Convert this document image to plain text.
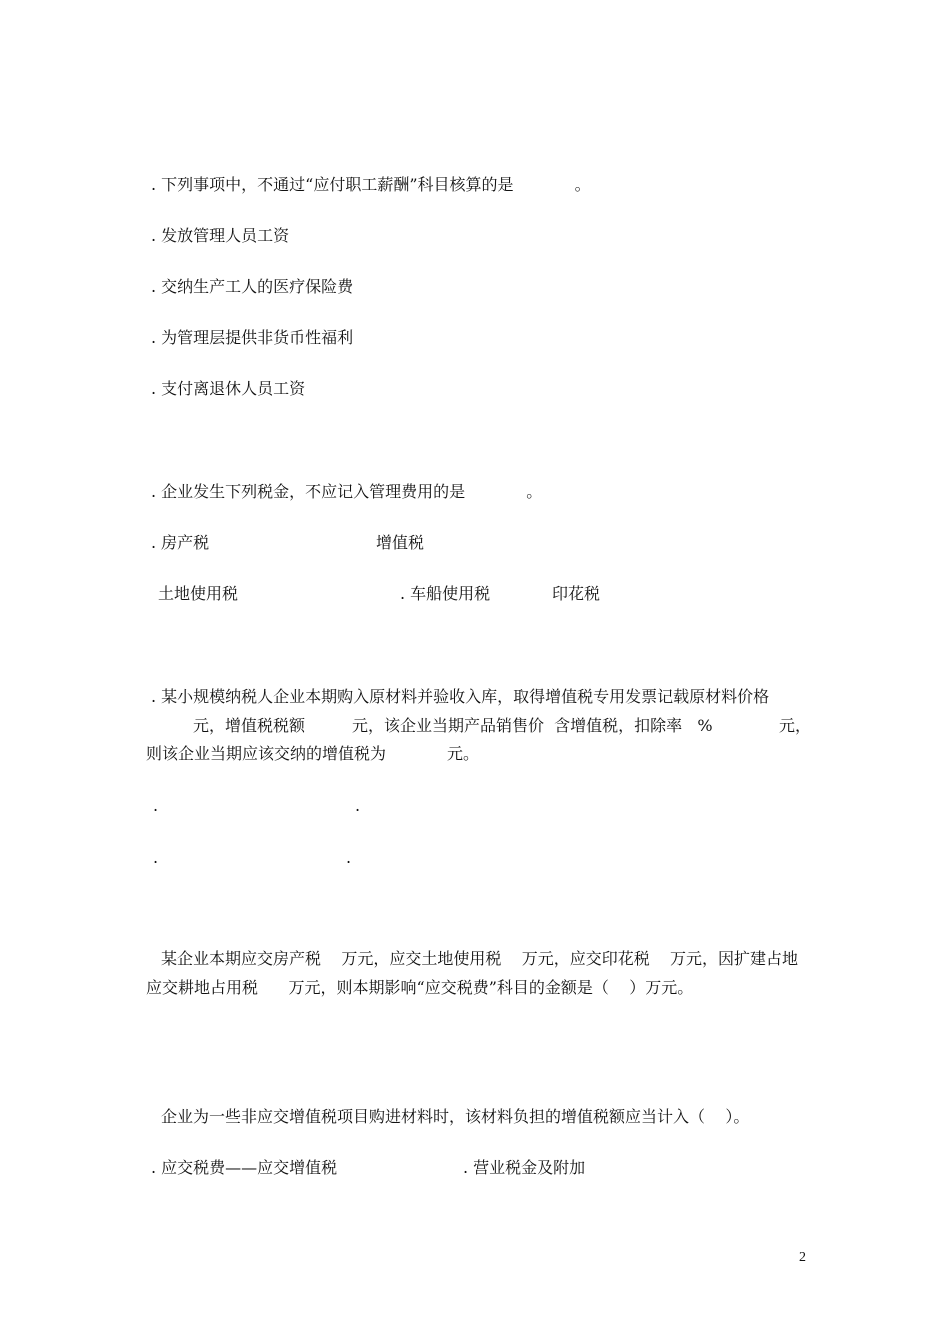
. 下列事项中，不通过“应付职工薪酬”科目核算的是            。
. 发放管理人员工资
. 交纳生产工人的医疗保险费
. 为管理层提供非货币性福利
. 支付离退休人员工资
. 企业发生下列税金，不应记入管理费用的是            。
. 房产税	增值税
土地使用税	. 车船使用税	印花税
. 某小规模纳税人企业本期购入原材料并验收入库，取得增值税专用发票记载原材料价格
元，增值税税额	元，该企业当期产品销售价  含增值税，扣除率   %	元，
则该企业当期应该交纳的增值税为            元。
.	.
.	.
某企业本期应交房产税    万元，应交土地使用税    万元，应交印花税    万元，因扩建占地
应交耕地占用税      万元，则本期影响“应交税费”科目的金额是（    ）万元。
企业为一些非应交增值税项目购进材料时，该材料负担的增值税额应当计入（    ）。
. 应交税费——应交增值税	. 营业税金及附加
2
